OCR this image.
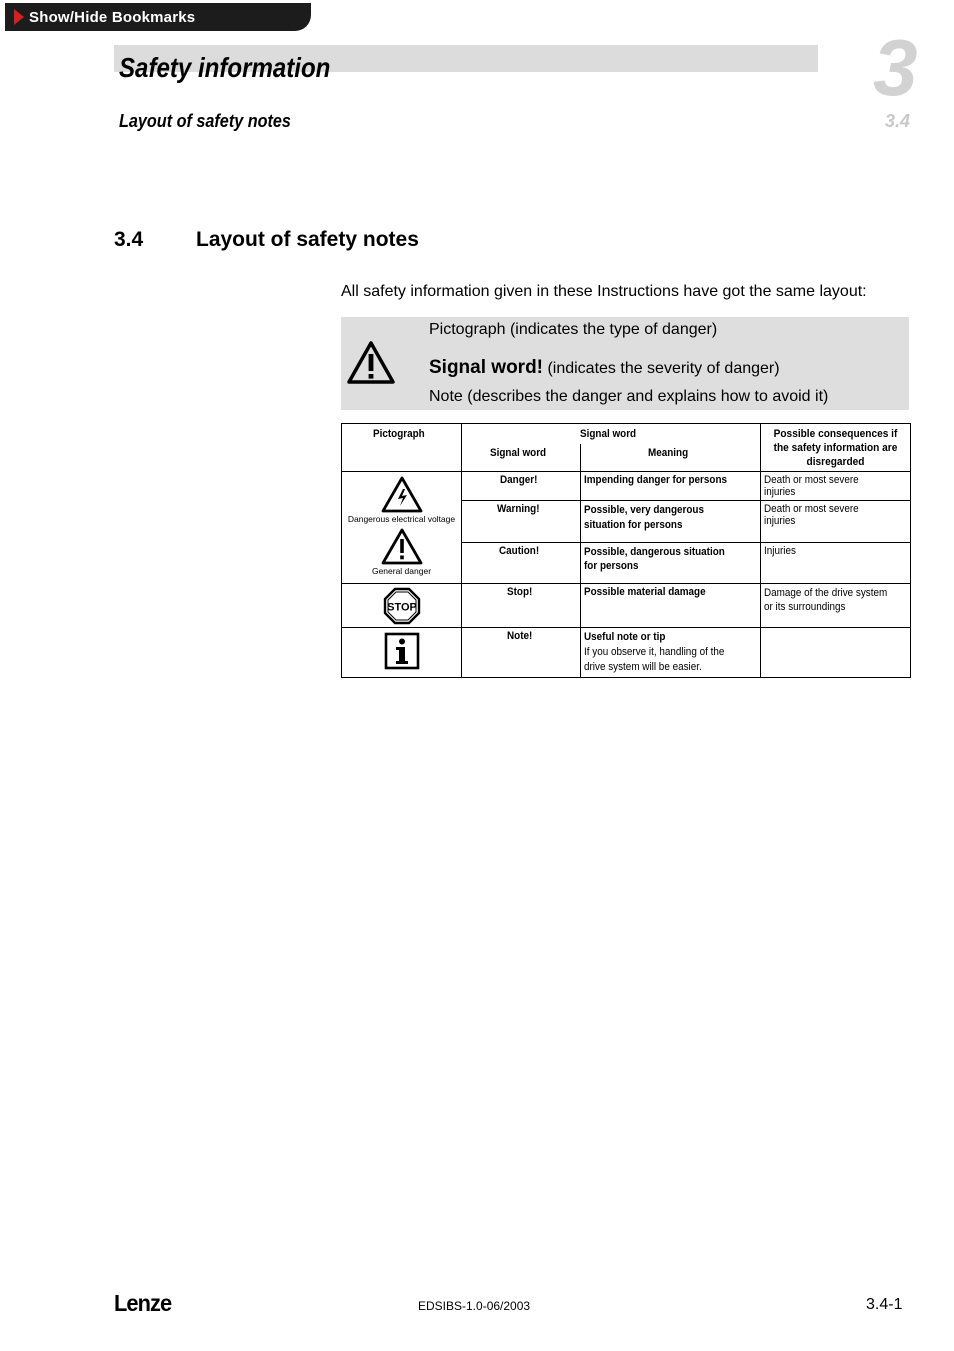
Show/Hide Bookmarks
Safety information
Layout of safety notes
3
3.4
3.4	Layout of safety notes
All safety information given in these Instructions have got the same layout:
Pictograph (indicates the type of danger)
Signal word! (indicates the severity of danger)
Note (describes the danger and explains how to avoid it)
Pictograph	Signal word		Possible consequences if the safety information are disregarded

	Signal word	Meaning	

Dangerous electrical voltage
General danger	Danger!	Impending danger for persons	Death or most severe injuries
	Warning!	Possible, very dangerous situation for persons	Death or most severe injuries
	Caution!	Possible, dangerous situation for persons	Injuries

STOP	Stop!	Possible material damage	Damage of the drive system or its surroundings

	Note!	Useful note or tip
If you observe it, handling of the drive system will be easier.	
Lenze	EDSIBS-1.0-06/2003	3.4-1
